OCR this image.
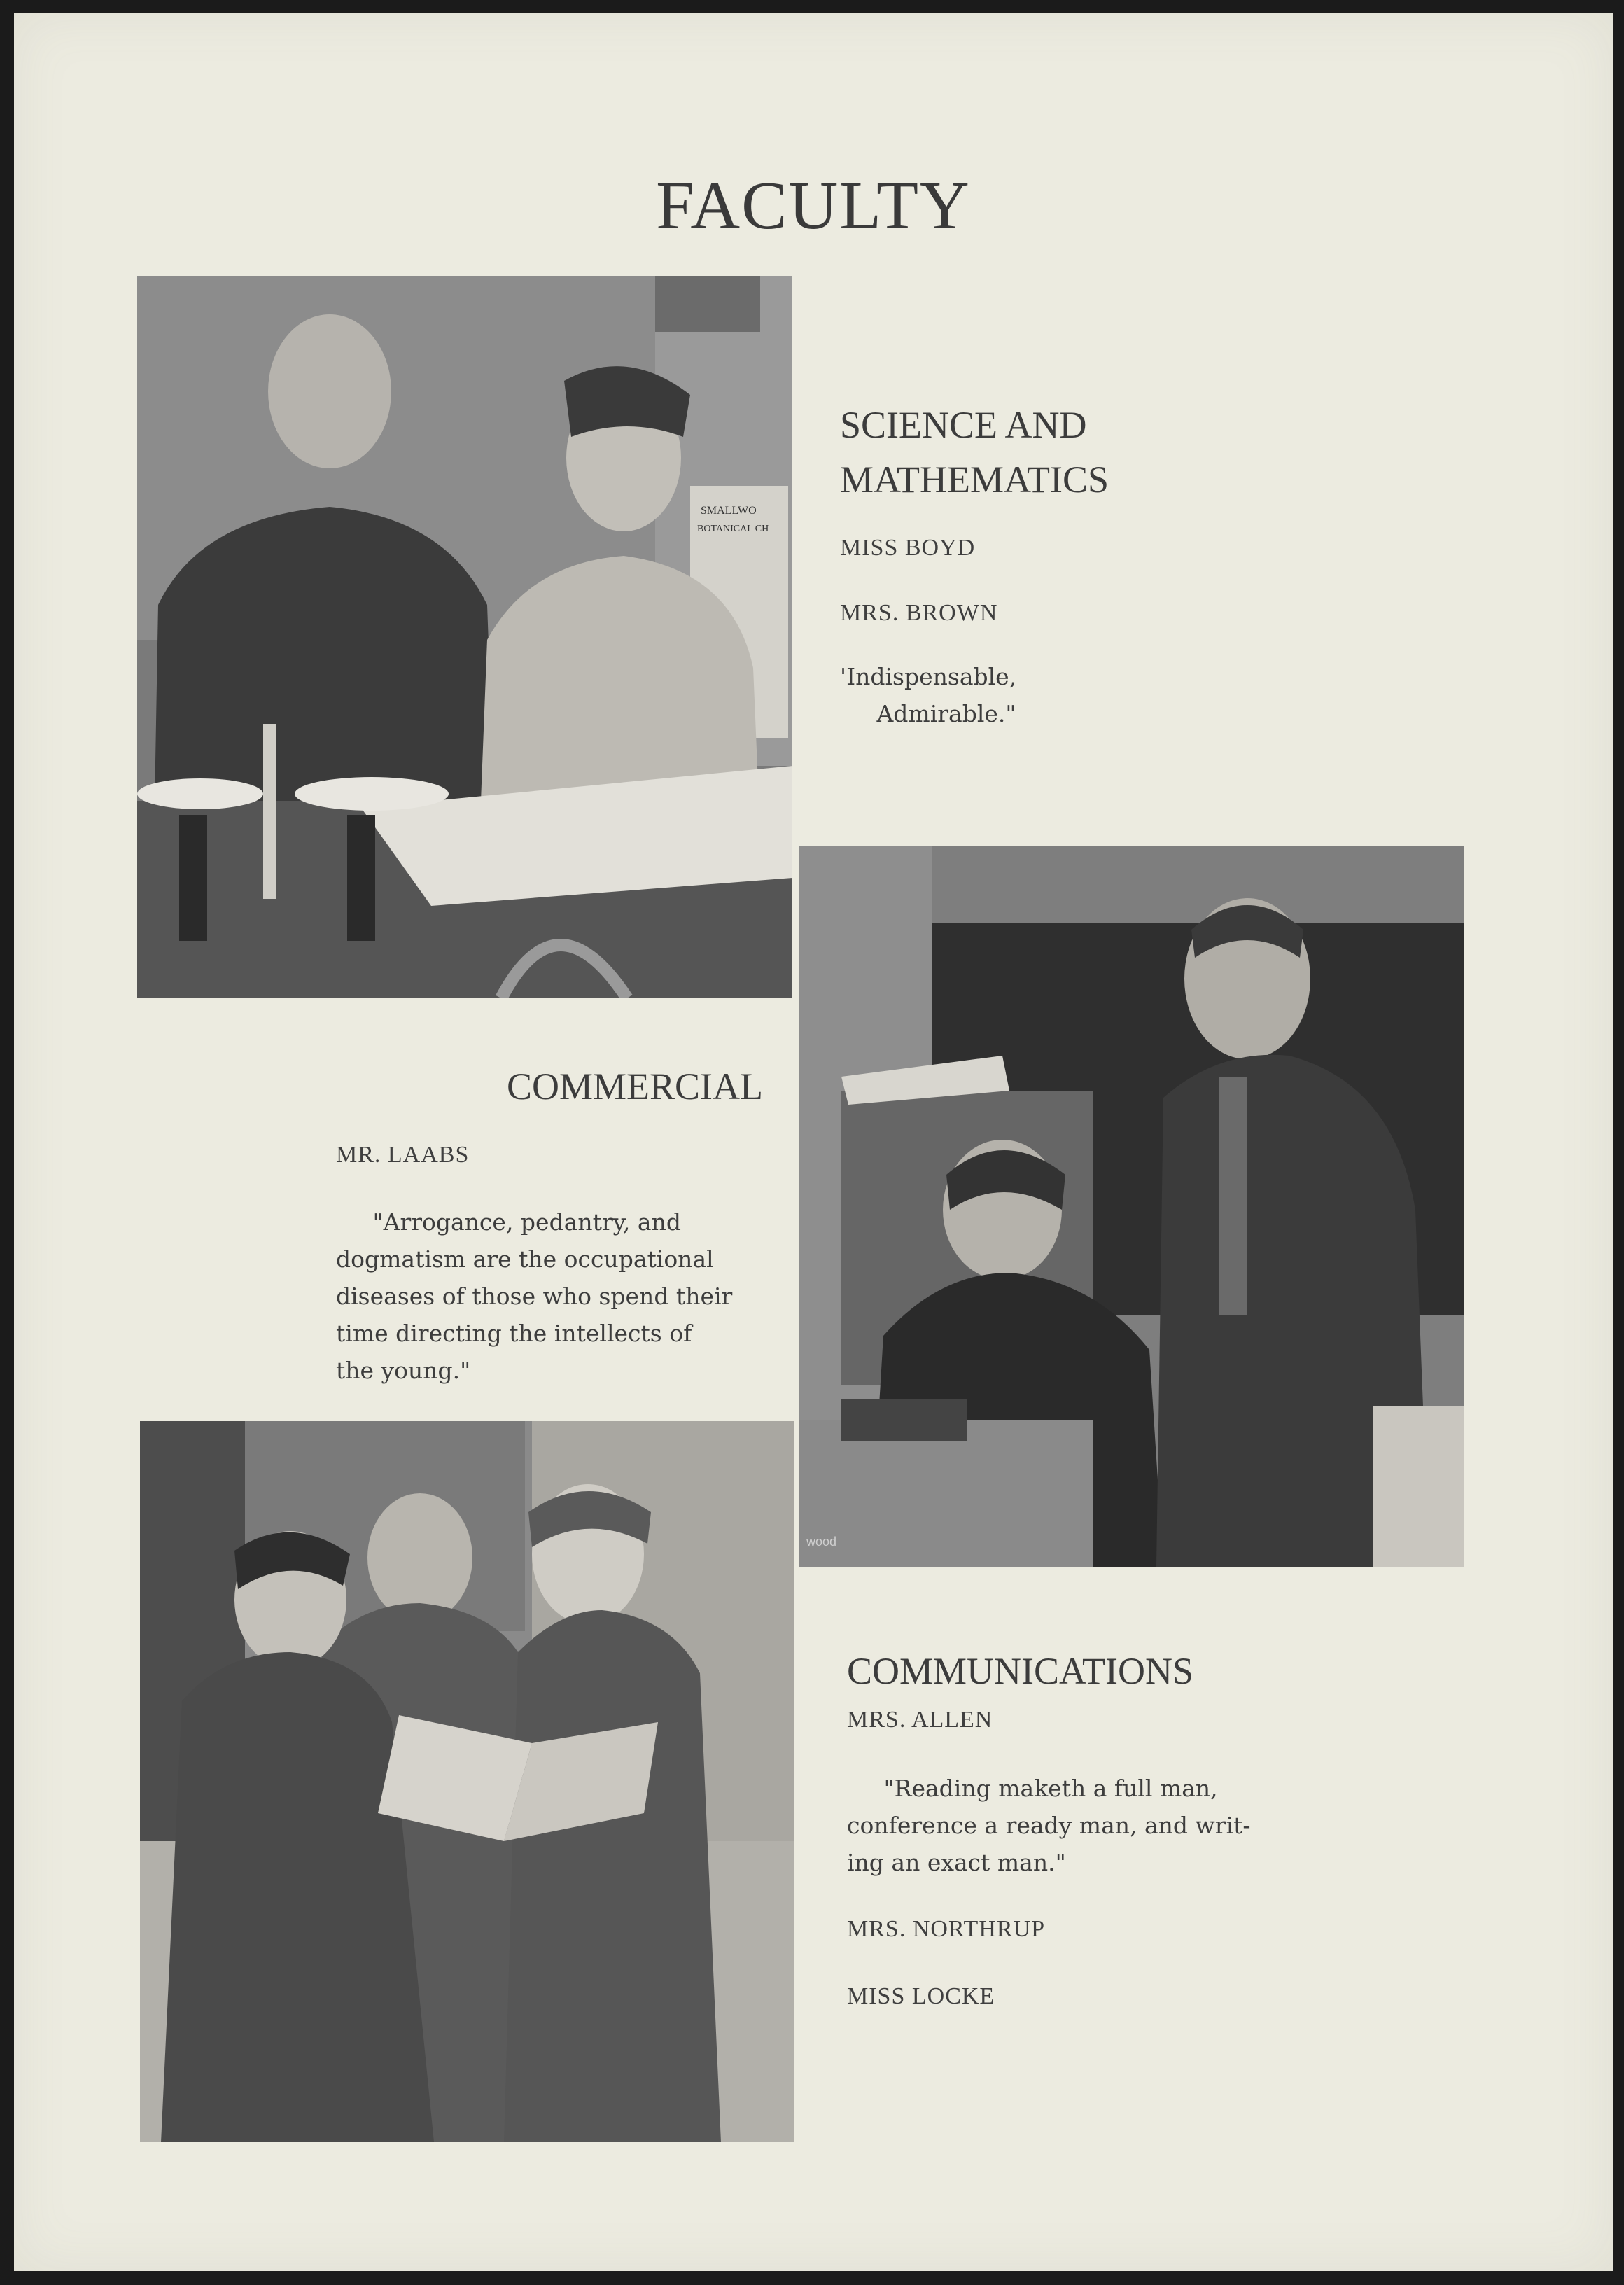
FACULTY
SMALLWO
BOTANICAL CH

SCIENCE AND

MATHEMATICS

MISS BOYD
MRS. BROWN
'Indispensable,
Admirable."
wood

COMMERCIAL

MR. LAABS
"Arrogance, pedantry, and
dogmatism are the occupational
diseases of those who spend their
time directing the intellects of
the young."

COMMUNICATIONS

MRS. ALLEN
"Reading maketh a full man,
conference a ready man, and writ-
ing an exact man."
MRS. NORTHRUP
MISS LOCKE
